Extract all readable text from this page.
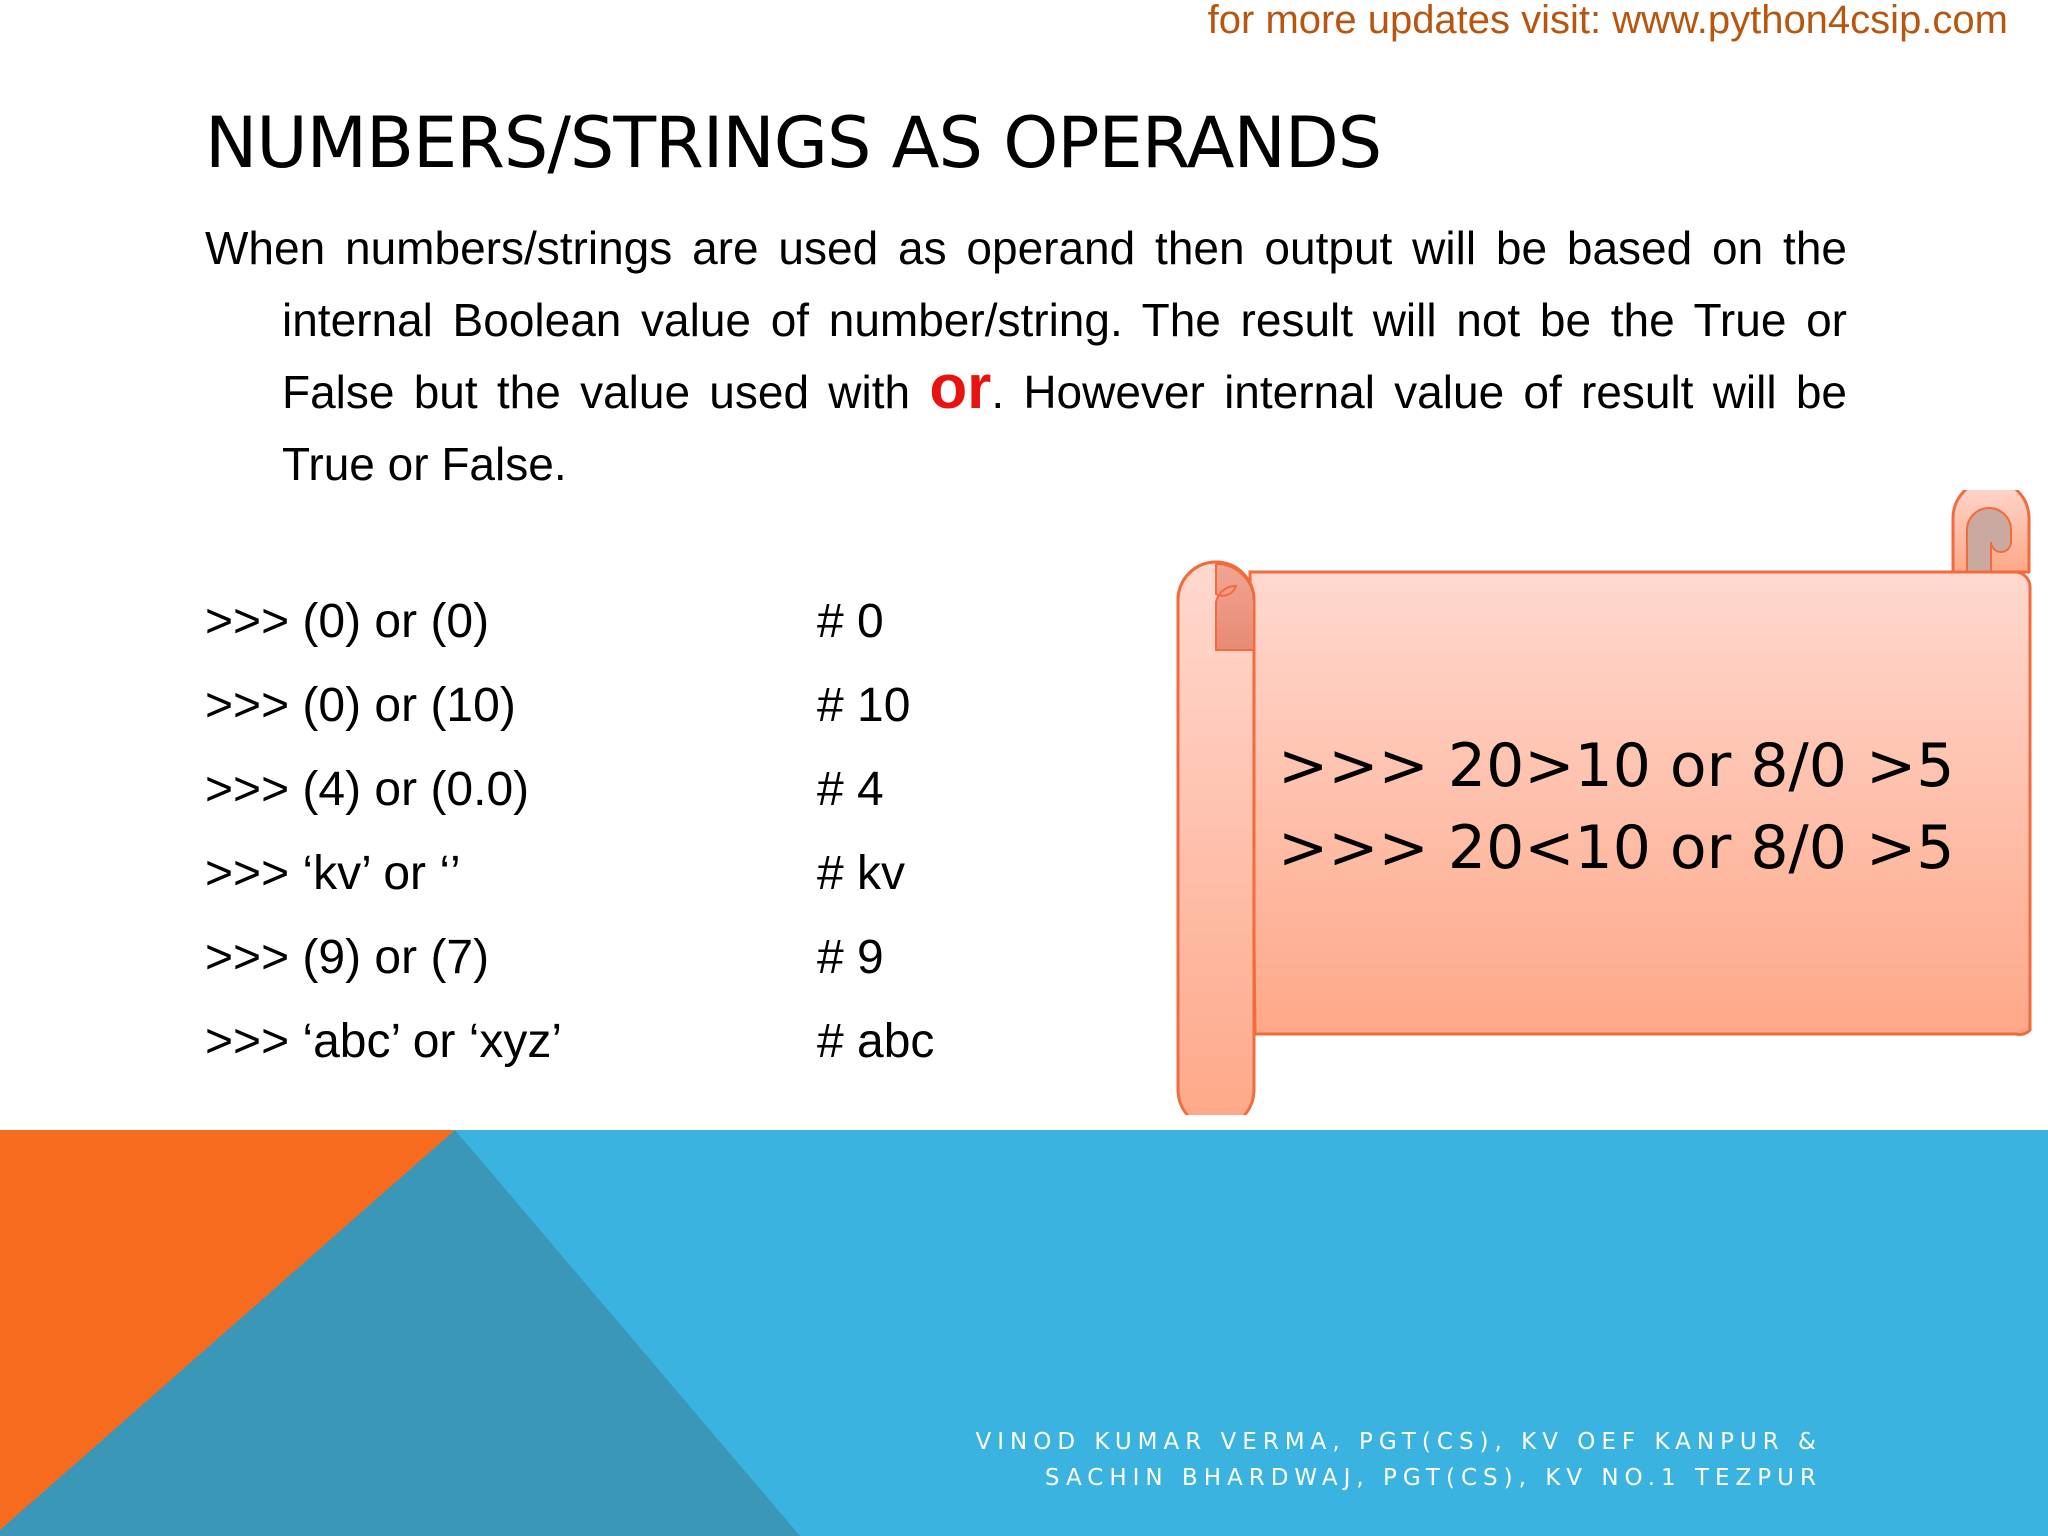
for more updates visit: www.python4csip.com
NUMBERS/STRINGS AS OPERANDS

When numbers/strings are used as operand then output will be based on the internal Boolean value of number/string. The result will not be the True or False but the value used with or. However internal value of result will be True or False.

>>> (0) or (0)	# 0
>>> (0) or (10)	# 10
>>> (4) or (0.0)	# 4
>>> ‘kv’ or ‘’	# kv
>>> (9) or (7)	# 9
>>> ‘abc’ or ‘xyz’	# abc
>>> 20>10 or 8/0 >5
>>> 20<10 or 8/0 >5
VINOD KUMAR VERMA, PGT(CS), KV OEF KANPUR &
SACHIN BHARDWAJ, PGT(CS), KV NO.1 TEZPUR
